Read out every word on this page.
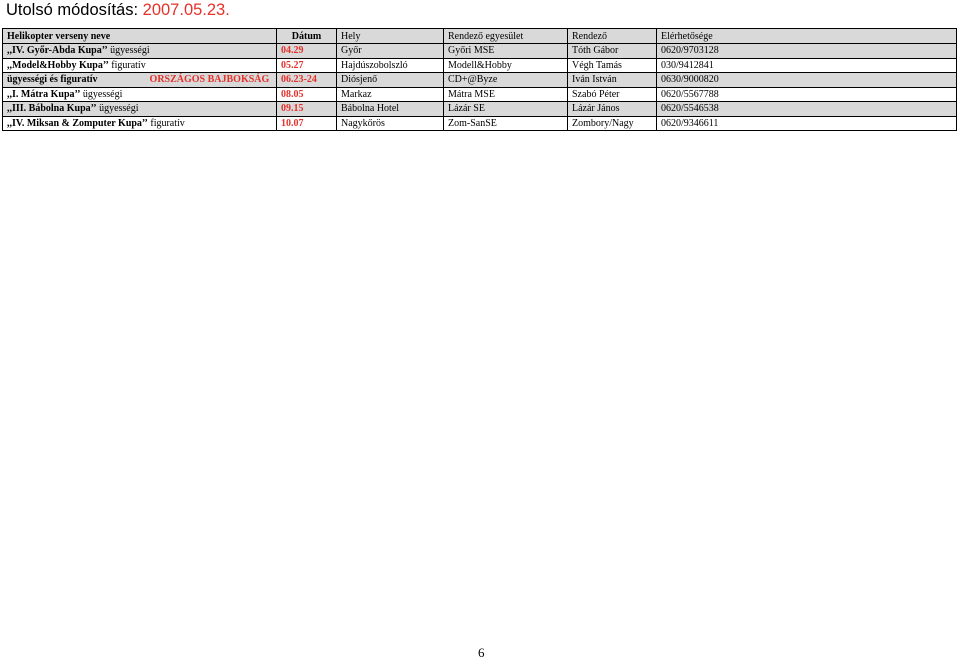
Utolsó módosítás: 2007.05.23.
Helikopter verseny neve	Dátum	Hely	Rendező egyesület	Rendező	Elérhetősége
,,IV. Győr-Abda Kupa’’ ügyességi	04.29	Győr	Győri MSE	Tóth Gábor	0620/9703128
,,Model&Hobby Kupa’’ figuratív	05.27	Hajdúszobolszló	Modell&Hobby	Végh Tamás	030/9412841
ügyességi és figuratív ORSZÁGOS BAJBOKSÁG	06.23-24	Diósjenő	CD+@Byze	Iván István	0630/9000820
,,I. Mátra Kupa’’ ügyességi	08.05	Markaz	Mátra MSE	Szabó Péter	0620/5567788
,,III. Bábolna Kupa’’ ügyességi	09.15	Bábolna Hotel	Lázár SE	Lázár János	0620/5546538
,,IV. Miksan & Zomputer Kupa’’ figuratív	10.07	Nagykőrös	Zom-SanSE	Zombory/Nagy	0620/9346611
6
